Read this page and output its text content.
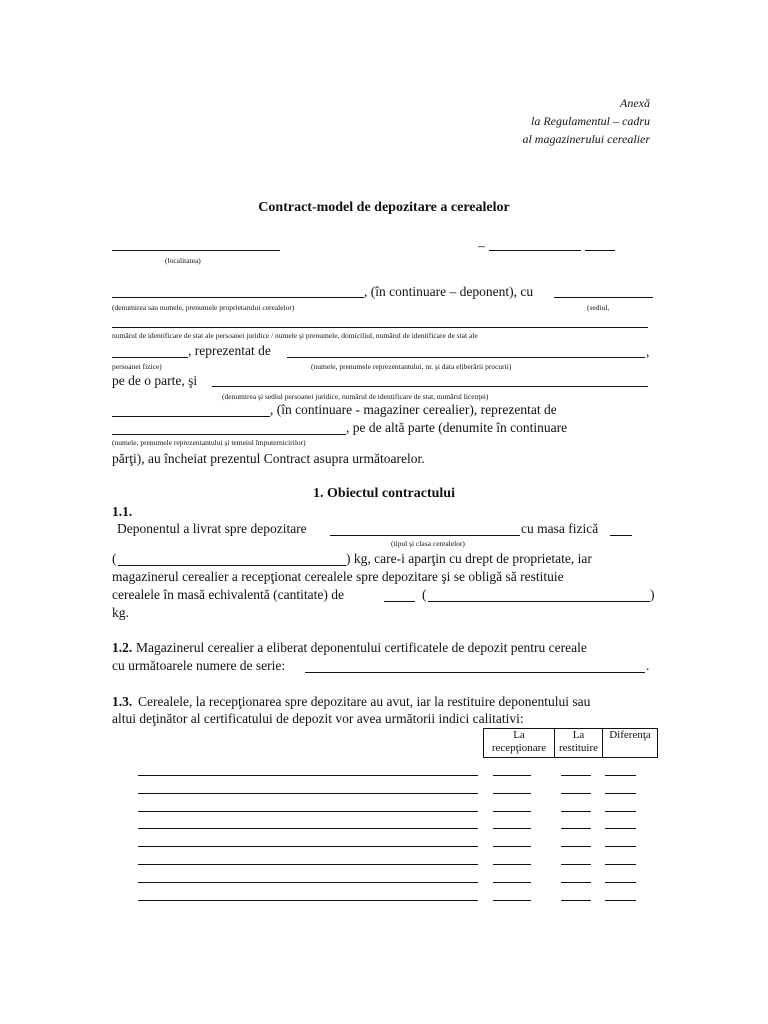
Anexă
la Regulamentul – cadru
al magazinerului cerealier
Contract-model de depozitare a cerealelor
(localitatea)
–
, (în continuare – deponent), cu
(denumirea sau numele, prenumele proprietarului cerealelor)	(sediul,
numărul de identificare de stat ale persoanei juridice / numele şi prenumele, domiciliul, numărul de identificare de stat ale
, reprezentat de	,
persoanei fizice)	(numele, prenumele reprezentantului, nr. şi data eliberării procurii)
pe de o parte, şi
(denumirea şi sediul persoanei juridice, numărul de identificare de stat, numărul licenţei)
, (în continuare - magaziner cerealier), reprezentat de
, pe de altă parte (denumite în continuare
(numele, prenumele reprezentantului şi temeiul împuternicirilor)
părţi), au încheiat prezentul Contract asupra următoarelor.
1. Obiectul contractului
1.1.
Deponentul a livrat spre depozitare	cu masa fizică
(tipul şi clasa cerealelor)
(	) kg, care-i aparţin cu drept de proprietate, iar
magazinerul cerealier a recepţionat cerealele spre depozitare şi se obligă să restituie
cerealele în masă echivalentă (cantitate) de	(	)
kg.
1.2. Magazinerul cerealier a eliberat deponentului certificatele de depozit pentru cereale
cu următoarele numere de serie:	.
1.3. Cerealele, la recepţionarea spre depozitare au avut, iar la restituire deponentului sau
altui deţinător al certificatului de depozit vor avea următorii indici calitativi:
La
recepţionare	La
restituire	Diferenţa
